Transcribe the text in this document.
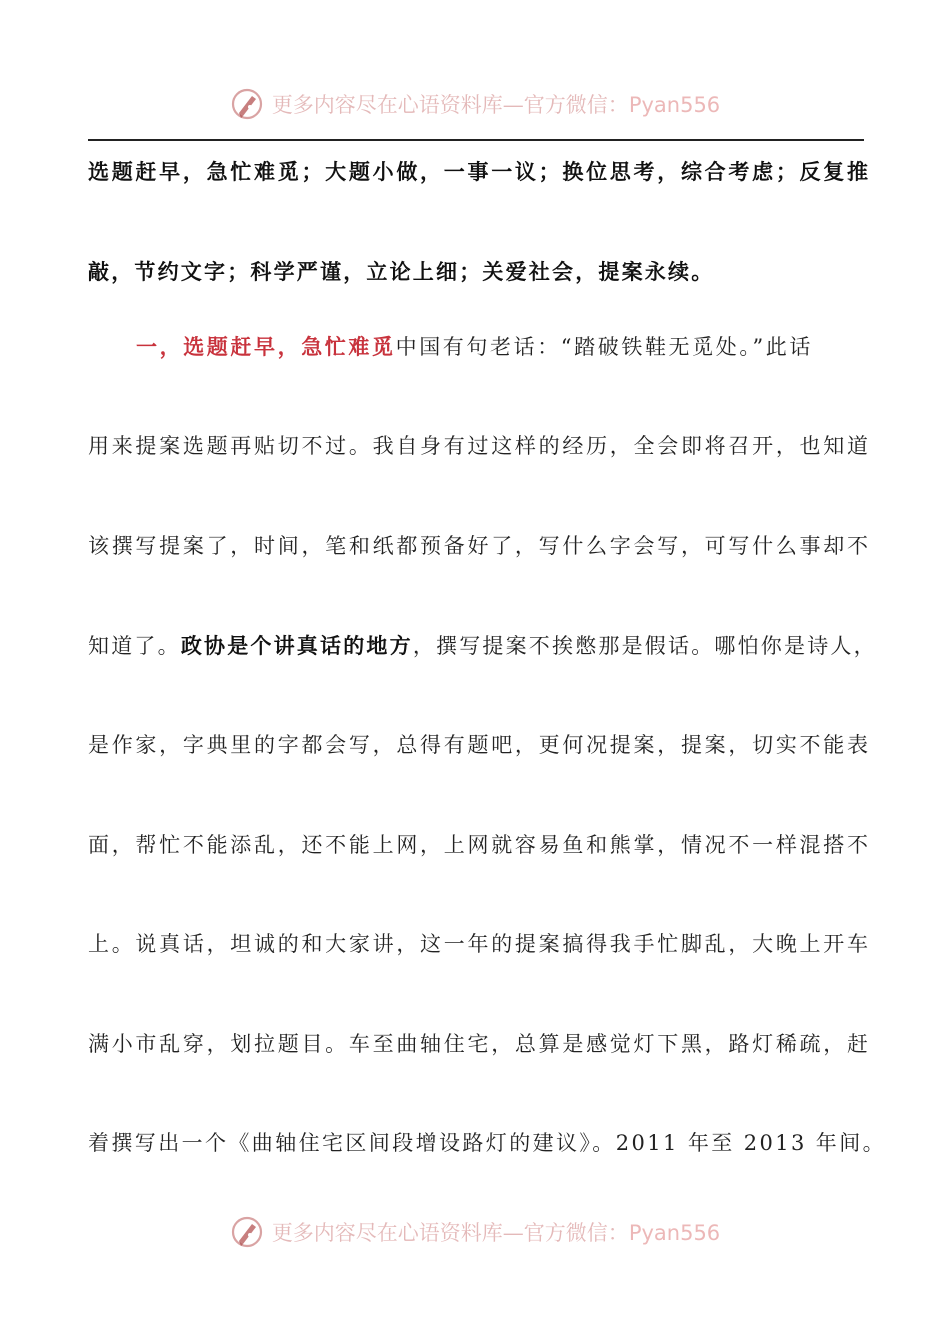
更多内容尽在心语资料库—官方微信：Pyan556
选题赶早，急忙难觅；大题小做，一事一议；换位思考，综合考虑；反复推
敲，节约文字；科学严谨，立论上细；关爱社会，提案永续。
一，选题赶早，急忙难觅中国有句老话：“踏破铁鞋无觅处。”此话
用来提案选题再贴切不过。我自身有过这样的经历，全会即将召开，也知道
该撰写提案了，时间，笔和纸都预备好了，写什么字会写，可写什么事却不
知道了。政协是个讲真话的地方，撰写提案不挨憋那是假话。哪怕你是诗人，
是作家，字典里的字都会写，总得有题吧，更何况提案，提案，切实不能表
面，帮忙不能添乱，还不能上网，上网就容易鱼和熊掌，情况不一样混搭不
上。说真话，坦诚的和大家讲，这一年的提案搞得我手忙脚乱，大晚上开车
满小市乱穿，划拉题目。车至曲轴住宅，总算是感觉灯下黑，路灯稀疏，赶
着撰写出一个《曲轴住宅区间段增设路灯的建议》。2011 年至 2013 年间。
更多内容尽在心语资料库—官方微信：Pyan556
